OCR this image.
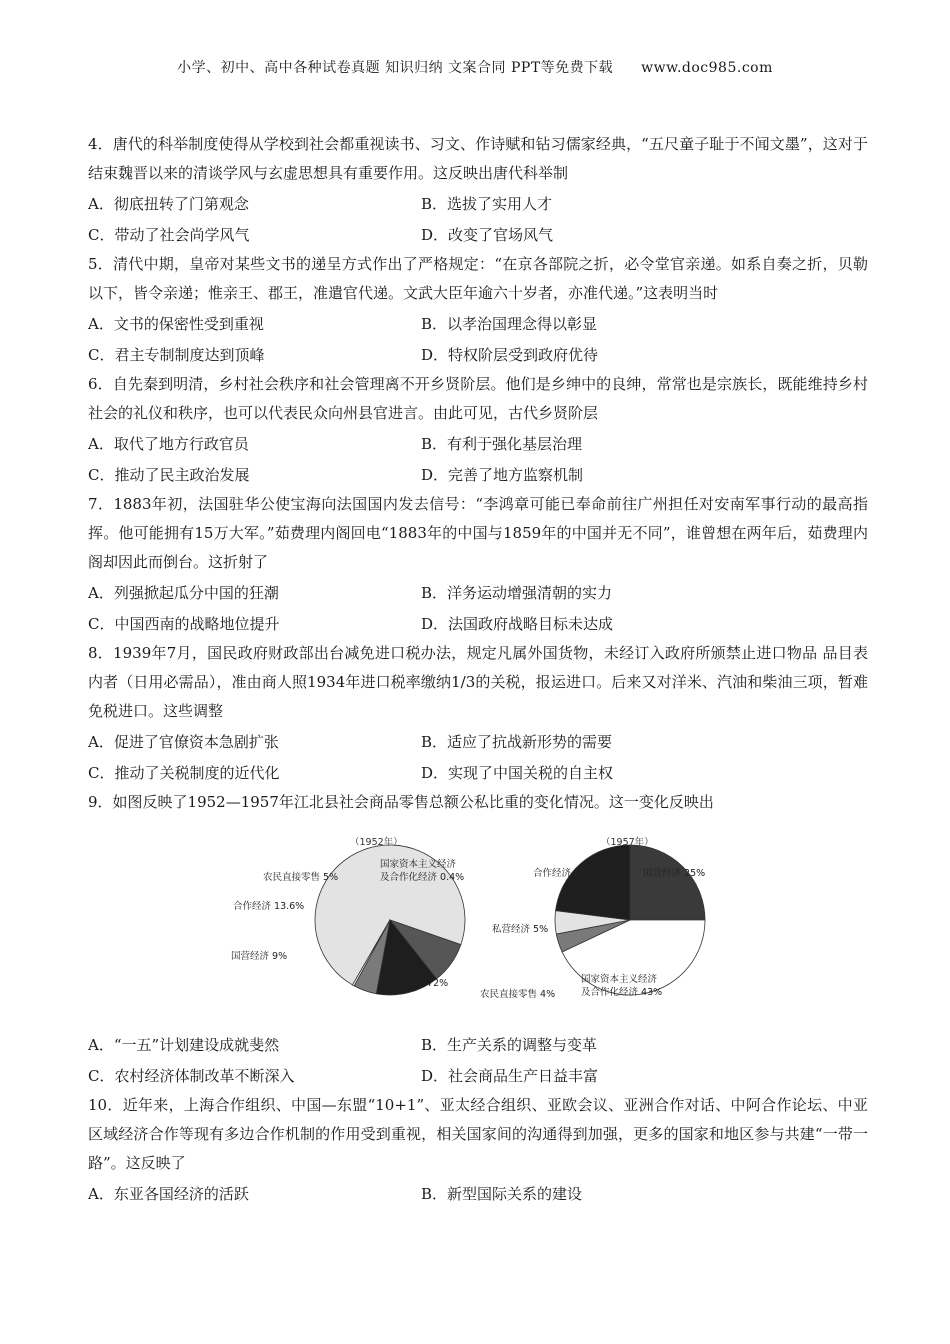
小学、初中、高中各种试卷真题 知识归纳 文案合同 PPT等免费下载 www.doc985.com

4．唐代的科举制度使得从学校到社会都重视读书、习文、作诗赋和钻习儒家经典，“五尺童子耻于不闻文墨”，这对于结束魏晋以来的清谈学风与玄虚思想具有重要作用。这反映出唐代科举制

A．彻底扭转了门第观念	B．选拔了实用人才
C．带动了社会尚学风气	D．改变了官场风气

5．清代中期，皇帝对某些文书的递呈方式作出了严格规定：“在京各部院之折，必令堂官亲递。如系自奏之折，贝勒以下，皆令亲递；惟亲王、郡王，准遣官代递。文武大臣年逾六十岁者，亦准代递。”这表明当时

A．文书的保密性受到重视	B．以孝治国理念得以彰显
C．君主专制制度达到顶峰	D．特权阶层受到政府优待

6．自先秦到明清，乡村社会秩序和社会管理离不开乡贤阶层。他们是乡绅中的良绅，常常也是宗族长，既能维持乡村社会的礼仪和秩序，也可以代表民众向州县官进言。由此可见，古代乡贤阶层

A．取代了地方行政官员	B．有利于强化基层治理
C．推动了民主政治发展	D．完善了地方监察机制

7．1883年初，法国驻华公使宝海向法国国内发去信号：“李鸿章可能已奉命前往广州担任对安南军事行动的最高指挥。他可能拥有15万大军。”茹费理内阁回电“1883年的中国与1859年的中国并无不同”，谁曾想在两年后，茹费理内阁却因此而倒台。这折射了

A．列强掀起瓜分中国的狂潮	B．洋务运动增强清朝的实力
C．中国西南的战略地位提升	D．法国政府战略目标未达成

8．1939年7月，国民政府财政部出台减免进口税办法，规定凡属外国货物，未经订入政府所颁禁止进口物品 品目表内者（日用必需品），准由商人照1934年进口税率缴纳1/3的关税，报运进口。后来又对洋米、汽油和柴油三项，暂难免税进口。这些调整

A．促进了官僚资本急剧扩张	B．适应了抗战新形势的需要
C．推动了关税制度的近代化	D．实现了中国关税的自主权

9．如图反映了1952—1957年江北县社会商品零售总额公私比重的变化情况。这一变化反映出

（1952年）
国家资本主义经济
及合作化经济 0.4%
农民直接零售 5%
合作经济 13.6%
国营经济 9%
私营经济 72%
（1957年）
合作经济 23%	国营经济 25%
私营经济 5%
国家资本主义经济
及合作化经济 43%
农民直接零售 4%
A．“一五”计划建设成就斐然	B．生产关系的调整与变革
C．农村经济体制改革不断深入	D．社会商品生产日益丰富

10．近年来，上海合作组织、中国—东盟“10+1”、亚太经合组织、亚欧会议、亚洲合作对话、中阿合作论坛、中亚区域经济合作等现有多边合作机制的作用受到重视，相关国家间的沟通得到加强，更多的国家和地区参与共建“一带一路”。这反映了

A．东亚各国经济的活跃	B．新型国际关系的建设
